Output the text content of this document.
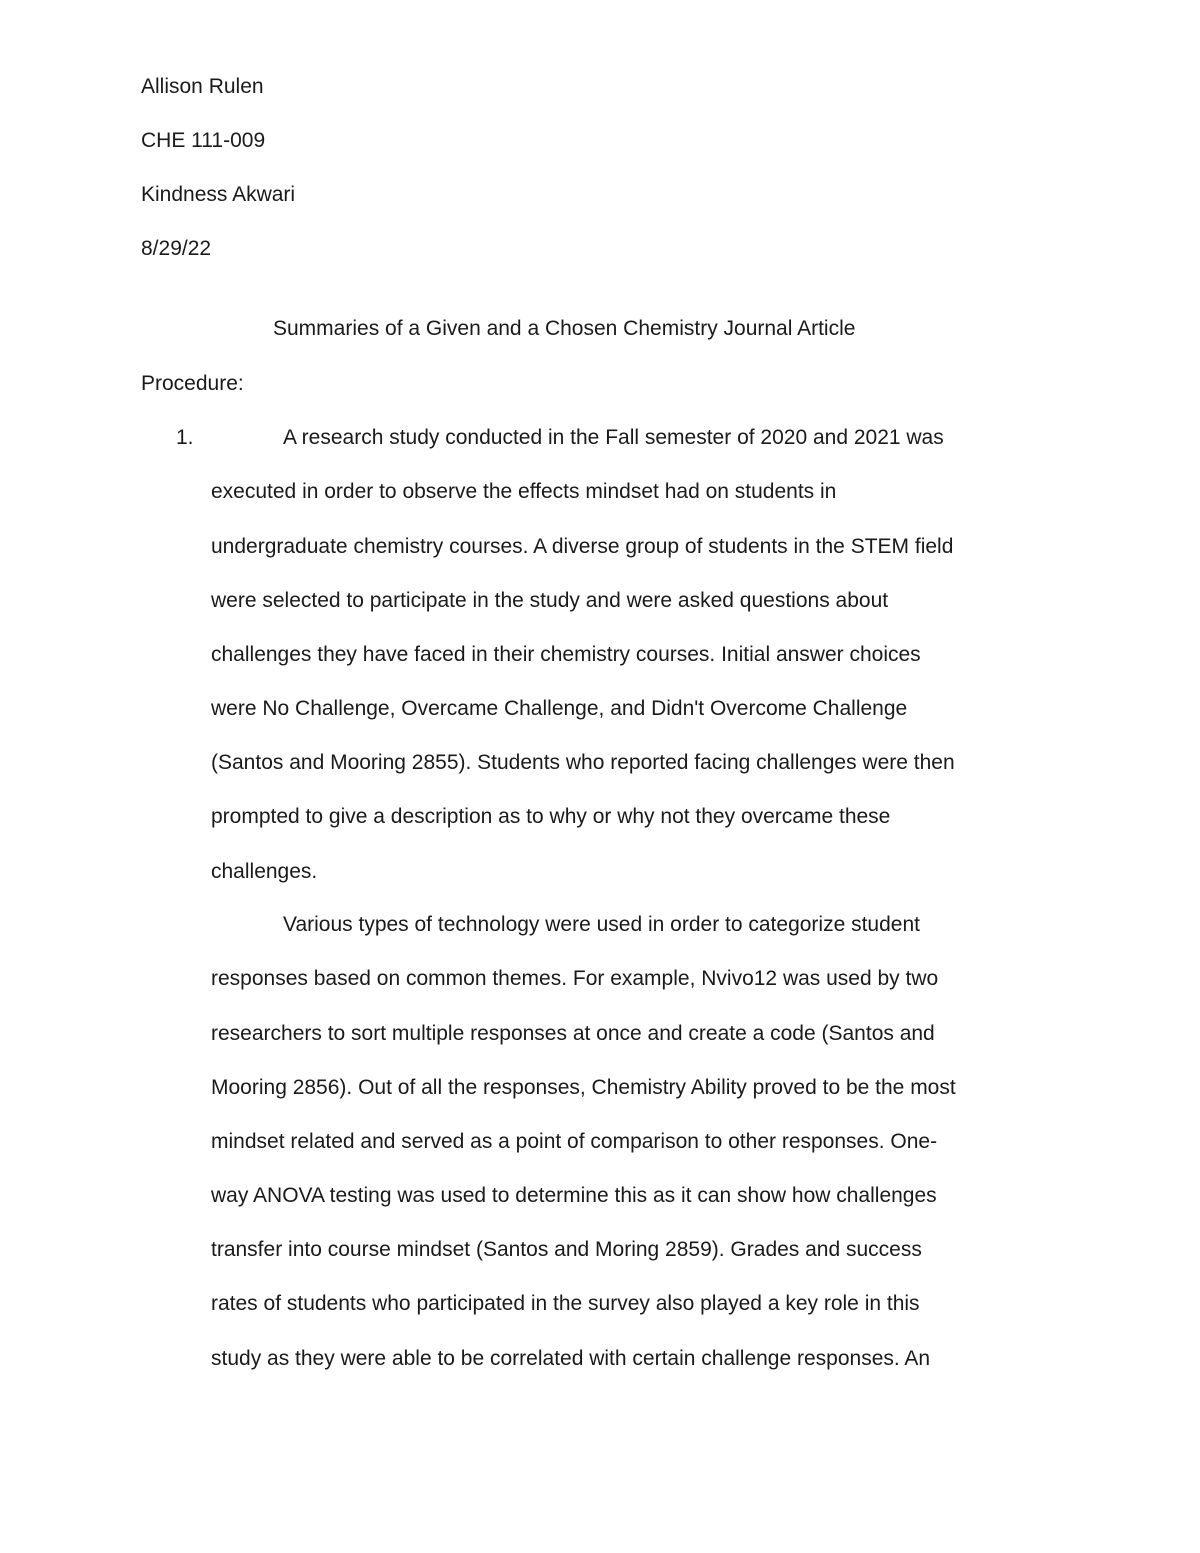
Allison Rulen
CHE 111-009
Kindness Akwari
8/29/22
Summaries of a Given and a Chosen Chemistry Journal Article
Procedure:
1.	A research study conducted in the Fall semester of 2020 and 2021 was
executed in order to observe the effects mindset had on students in
undergraduate chemistry courses. A diverse group of students in the STEM field
were selected to participate in the study and were asked questions about
challenges they have faced in their chemistry courses. Initial answer choices
were No Challenge, Overcame Challenge, and Didn't Overcome Challenge
(Santos and Mooring 2855). Students who reported facing challenges were then
prompted to give a description as to why or why not they overcame these
challenges.
Various types of technology were used in order to categorize student
responses based on common themes. For example, Nvivo12 was used by two
researchers to sort multiple responses at once and create a code (Santos and
Mooring 2856). Out of all the responses, Chemistry Ability proved to be the most
mindset related and served as a point of comparison to other responses. One-
way ANOVA testing was used to determine this as it can show how challenges
transfer into course mindset (Santos and Moring 2859). Grades and success
rates of students who participated in the survey also played a key role in this
study as they were able to be correlated with certain challenge responses. An
